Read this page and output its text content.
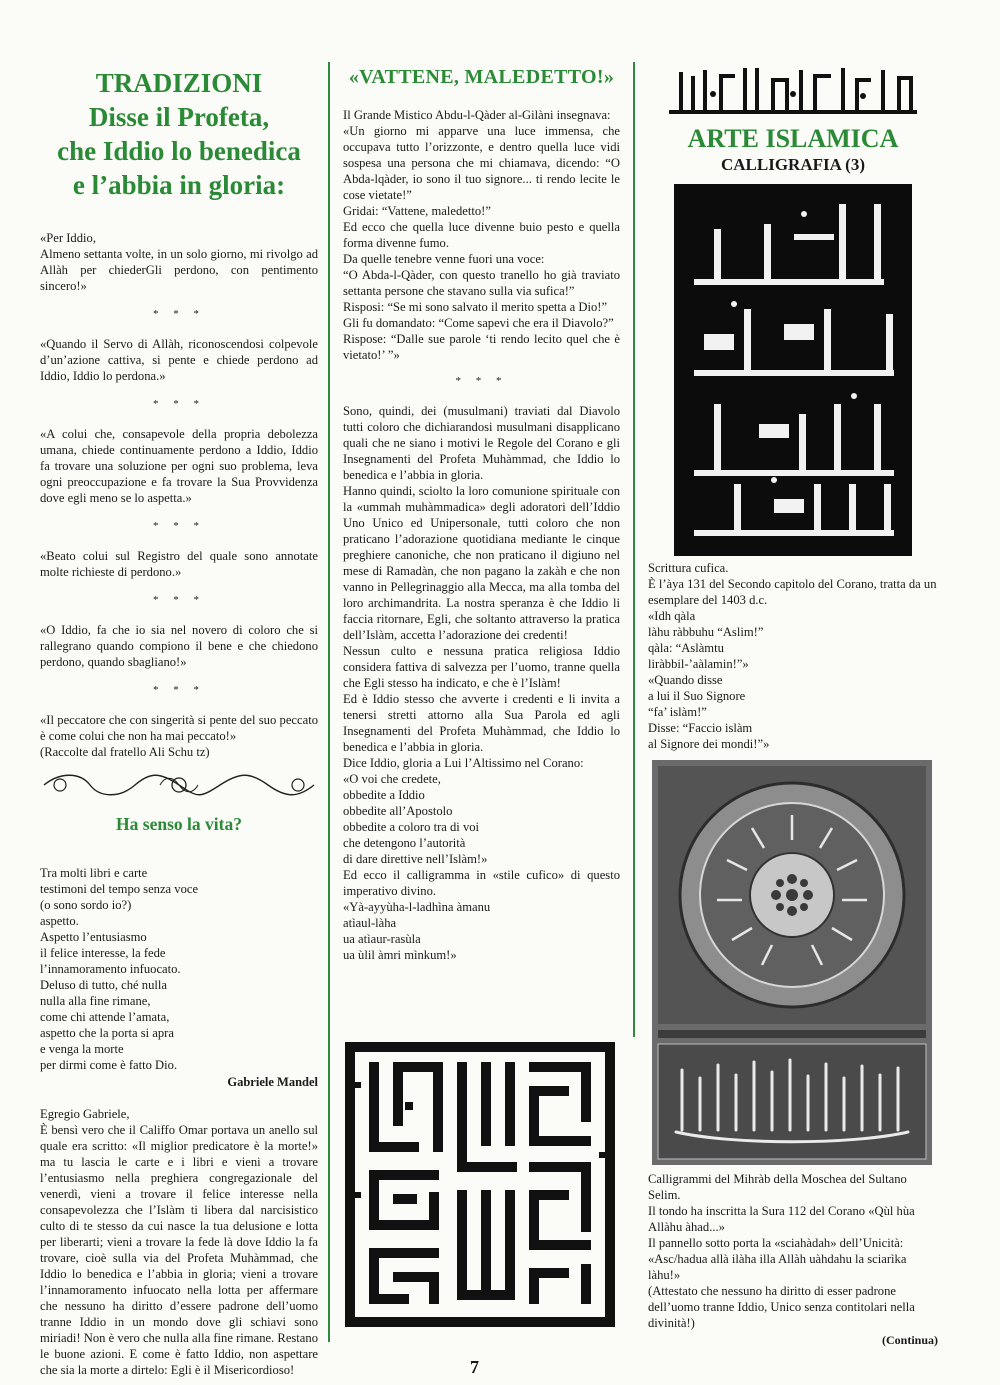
TRADIZIONI

Disse il Profeta,

che Iddio lo benedica

e l’abbia in gloria:

«Per Iddio,
Almeno settanta volte, in un solo giorno, mi rivolgo ad Allàh per chiederGli perdono, con pentimento sincero!»

* * *

«Quando il Servo di Allàh, riconoscendosi colpevole d’un’azione cattiva, si pente e chiede perdono ad Iddio, Iddio lo perdona.»

* * *

«A colui che, consapevole della propria debolezza umana, chiede continuamente perdono a Iddio, Iddio fa trovare una soluzione per ogni suo problema, leva ogni preoccupazione e fa trovare la Sua Provvidenza dove egli meno se lo aspetta.»

* * *

«Beato colui sul Registro del quale sono annotate molte richieste di perdono.»

* * *

«O Iddio, fa che io sia nel novero di coloro che si rallegrano quando compiono il bene e che chiedono perdono, quando sbagliano!»

* * *

«Il peccatore che con singerità si pente del suo peccato è come colui che non ha mai peccato!»
(Raccolte dal fratello Ali Schu tz)

Ha senso la vita?

Tra molti libri e carte
testimoni del tempo senza voce
(o sono sordo io?)
aspetto.
Aspetto l’entusiasmo
il felice interesse, la fede
l’innamoramento infuocato.
Deluso di tutto, ché nulla
nulla alla fine rimane,
come chi attende l’amata,
aspetto che la porta si apra
e venga la morte
per dirmi come è fatto Dio.

Gabriele Mandel

Egregio Gabriele,
È bensì vero che il Califfo Omar portava un anello sul quale era scritto: «Il miglior predicatore è la morte!» ma tu lascia le carte e i libri e vieni a trovare l’entusiasmo nella preghiera congregazionale del venerdì, vieni a trovare il felice interesse nella consapevolezza che l’Islàm ti libera dal narcisistico culto di te stesso da cui nasce la tua delusione e lotta per liberarti; vieni a trovare la fede là dove Iddio la fa trovare, cioè sulla via del Profeta Muhàmmad, che Iddio lo benedica e l’abbia in gloria; vieni a trovare l’innamoramento infuocato nella lotta per affermare che nessuno ha diritto d’essere padrone dell’uomo tranne Iddio in un mondo dove gli schiavi sono miriadi! Non è vero che nulla alla fine rimane. Restano le buone azioni. E come è fatto Iddio, non aspettare che sia la morte a dirtelo: Egli è il Misericordioso!

«VATTENE, MALEDETTO!»

Il Grande Mistico Abdu-l-Qàder al-Gilàni insegnava:
«Un giorno mi apparve una luce immensa, che occupava tutto l’orizzonte, e dentro quella luce vidi sospesa una persona che mi chiamava, dicendo: “O Abda-lqàder, io sono il tuo signore... ti rendo lecite le cose vietate!”
Gridai: “Vattene, maledetto!”
Ed ecco che quella luce divenne buio pesto e quella forma divenne fumo.
Da quelle tenebre venne fuori una voce:
“O Abda-l-Qàder, con questo tranello ho già traviato settanta persone che stavano sulla via sufica!”
Risposi: “Se mi sono salvato il merito spetta a Dio!”
Gli fu domandato: “Come sapevi che era il Diavolo?”
Rispose: “Dalle sue parole ‘ti rendo lecito quel che è vietato!’ ”»

* * *

Sono, quindi, dei (musulmani) traviati dal Diavolo tutti coloro che dichiarandosi musulmani disapplicano quali che ne siano i motivi le Regole del Corano e gli Insegnamenti del Profeta Muhàmmad, che Iddio lo benedica e l’abbia in gloria.
Hanno quindi, sciolto la loro comunione spirituale con la «ummah muhàmmadica» degli adoratori dell’Iddio Uno Unico ed Unipersonale, tutti coloro che non praticano l’adorazione quotidiana mediante le cinque preghiere canoniche, che non praticano il digiuno nel mese di Ramadàn, che non pagano la zakàh e che non vanno in Pellegrinaggio alla Mecca, ma alla tomba del loro archimandrita. La nostra speranza è che Iddio li faccia ritornare, Egli, che soltanto attraverso la pratica dell’Islàm, accetta l’adorazione dei credenti!
Nessun culto e nessuna pratica religiosa Iddio considera fattiva di salvezza per l’uomo, tranne quella che Egli stesso ha indicato, e che è l’Islàm!
Ed è Iddio stesso che avverte i credenti e li invita a tenersi stretti attorno alla Sua Parola ed agli Insegnamenti del Profeta Muhàmmad, che Iddio lo benedica e l’abbia in gloria.
Dice Iddio, gloria a Lui l’Altissimo nel Corano:

«O voi che credete,
obbedite a Iddio
obbedite all’Apostolo
obbedite a coloro tra di voi
che detengono l’autorità
di dare direttive nell’Islàm!»

Ed ecco il calligramma in «stile cufico» di questo imperativo divino.

«Yà-ayyùha-l-ladhìna àmanu
atìaul-làha
ua atìaur-rasùla
ua ùlil àmri mìnkum!»

ARTE ISLAMICA

CALLIGRAFIA (3)

Scrittura cufica.
È l’àya 131 del Secondo capitolo del Corano, tratta da un esemplare del 1403 d.c.

«Idh qàla
làhu ràbbuhu “Aslim!”
qàla: “Aslàmtu
liràbbil-’aàlamin!”»
«Quando disse
a lui il Suo Signore
“fa’ islàm!”
Disse: “Faccio islàm
al Signore dei mondi!”»

Calligrammi del Mihràb della Moschea del Sultano Selim.
Il tondo ha inscritta la Sura 112 del Corano «Qùl hùa Allàhu àhad...»
Il pannello sotto porta la «sciahàdah» dell’Unicità: «Asc/hadua allà ilàha illa Allàh uàhdahu la sciarìka làhu!»
(Attestato che nessuno ha diritto di esser padrone dell’uomo tranne Iddio, Unico senza contitolari nella divinità!)

(Continua)

7
